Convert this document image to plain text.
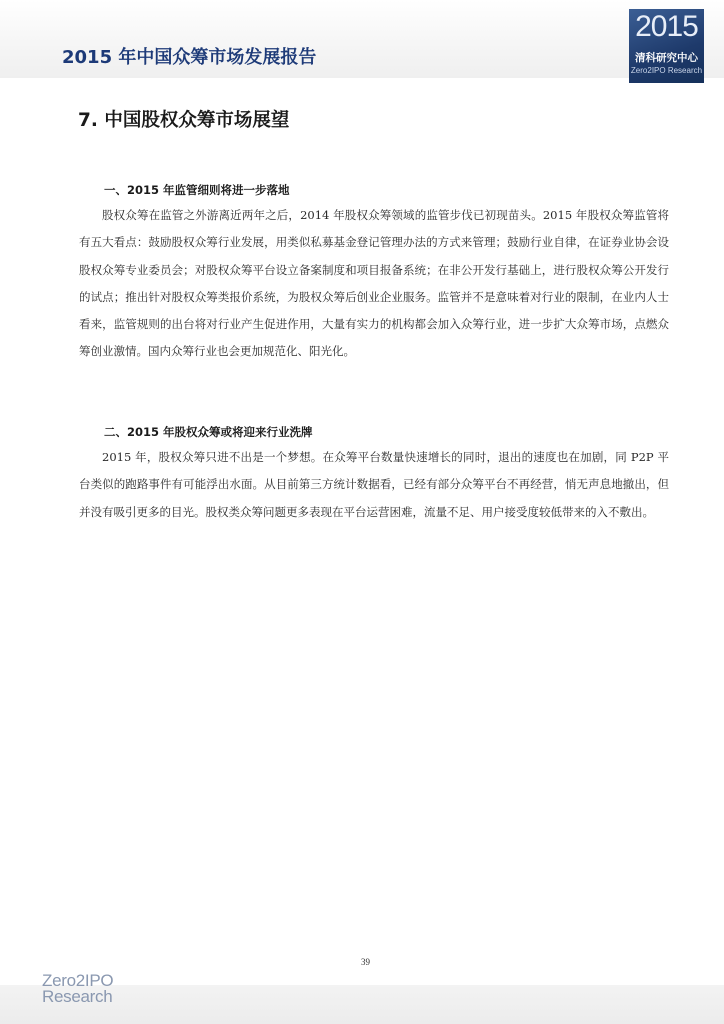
2015 年中国众筹市场发展报告
2015
清科研究中心
Zero2IPO Research
7. 中国股权众筹市场展望
一、2015 年监管细则将进一步落地
股权众筹在监管之外游离近两年之后，2014 年股权众筹领域的监管步伐已初现苗头。2015 年股权众筹监管将有五大看点：鼓励股权众筹行业发展，用类似私募基金登记管理办法的方式来管理；鼓励行业自律，在证券业协会设股权众筹专业委员会；对股权众筹平台设立备案制度和项目报备系统；在非公开发行基础上，进行股权众筹公开发行的试点；推出针对股权众筹类报价系统，为股权众筹后创业企业服务。监管并不是意味着对行业的限制，在业内人士看来，监管规则的出台将对行业产生促进作用，大量有实力的机构都会加入众筹行业，进一步扩大众筹市场，点燃众筹创业激情。国内众筹行业也会更加规范化、阳光化。
二、2015 年股权众筹或将迎来行业洗牌
2015 年，股权众筹只进不出是一个梦想。在众筹平台数量快速增长的同时，退出的速度也在加剧，同 P2P 平台类似的跑路事件有可能浮出水面。从目前第三方统计数据看，已经有部分众筹平台不再经营，悄无声息地撤出，但并没有吸引更多的目光。股权类众筹问题更多表现在平台运营困难，流量不足、用户接受度较低带来的入不敷出。
Zero2IPO
Research
39
